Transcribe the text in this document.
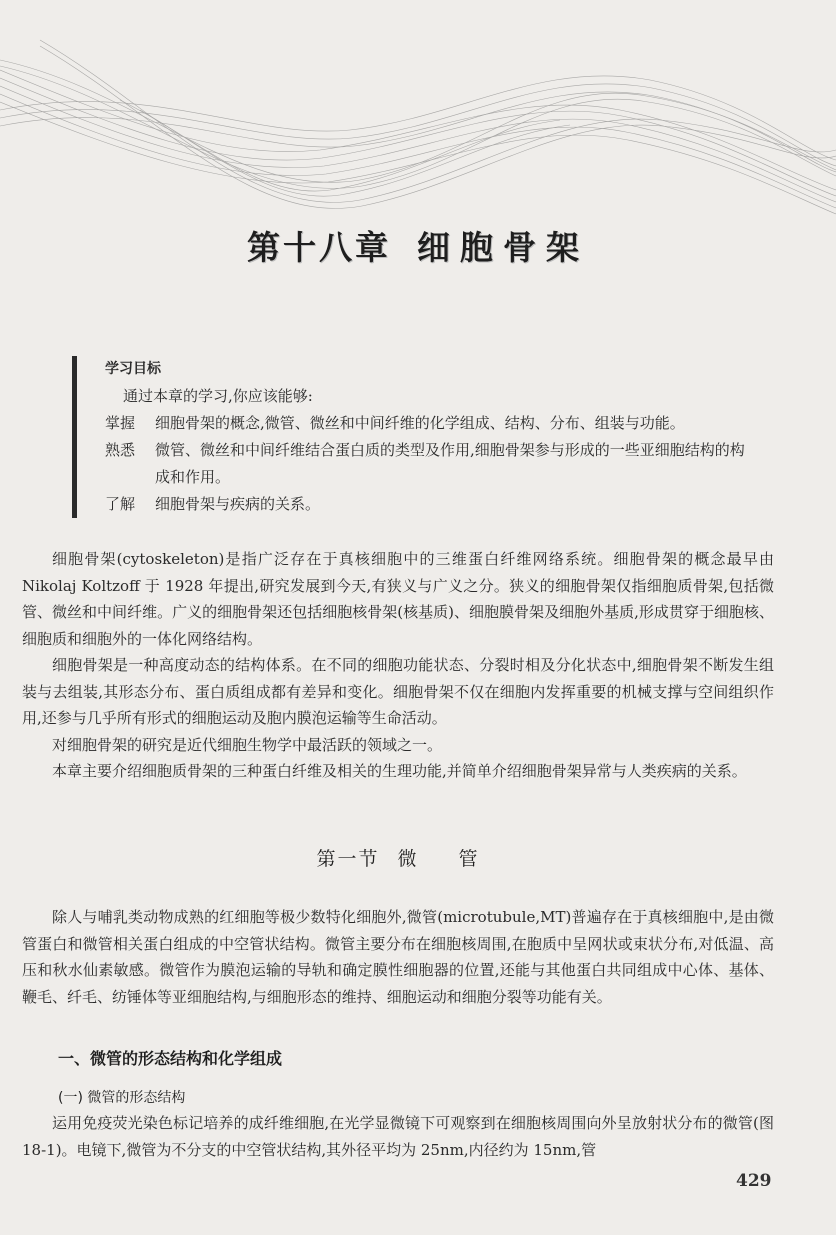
第十八章 细胞骨架
学习目标
通过本章的学习,你应该能够:
掌握	细胞骨架的概念,微管、微丝和中间纤维的化学组成、结构、分布、组装与功能。
熟悉	微管、微丝和中间纤维结合蛋白质的类型及作用,细胞骨架参与形成的一些亚细胞结构的构成和作用。
了解	细胞骨架与疾病的关系。

细胞骨架(cytoskeleton)是指广泛存在于真核细胞中的三维蛋白纤维网络系统。细胞骨架的概念最早由 Nikolaj Koltzoff 于 1928 年提出,研究发展到今天,有狭义与广义之分。狭义的细胞骨架仅指细胞质骨架,包括微管、微丝和中间纤维。广义的细胞骨架还包括细胞核骨架(核基质)、细胞膜骨架及细胞外基质,形成贯穿于细胞核、细胞质和细胞外的一体化网络结构。

细胞骨架是一种高度动态的结构体系。在不同的细胞功能状态、分裂时相及分化状态中,细胞骨架不断发生组装与去组装,其形态分布、蛋白质组成都有差异和变化。细胞骨架不仅在细胞内发挥重要的机械支撑与空间组织作用,还参与几乎所有形式的细胞运动及胞内膜泡运输等生命活动。

对细胞骨架的研究是近代细胞生物学中最活跃的领域之一。

本章主要介绍细胞质骨架的三种蛋白纤维及相关的生理功能,并简单介绍细胞骨架异常与人类疾病的关系。

第一节 微管

除人与哺乳类动物成熟的红细胞等极少数特化细胞外,微管(microtubule,MT)普遍存在于真核细胞中,是由微管蛋白和微管相关蛋白组成的中空管状结构。微管主要分布在细胞核周围,在胞质中呈网状或束状分布,对低温、高压和秋水仙素敏感。微管作为膜泡运输的导轨和确定膜性细胞器的位置,还能与其他蛋白共同组成中心体、基体、鞭毛、纤毛、纺锤体等亚细胞结构,与细胞形态的维持、细胞运动和细胞分裂等功能有关。

一、微管的形态结构和化学组成
(一) 微管的形态结构

运用免疫荧光染色标记培养的成纤维细胞,在光学显微镜下可观察到在细胞核周围向外呈放射状分布的微管(图 18-1)。电镜下,微管为不分支的中空管状结构,其外径平均为 25nm,内径约为 15nm,管

429
